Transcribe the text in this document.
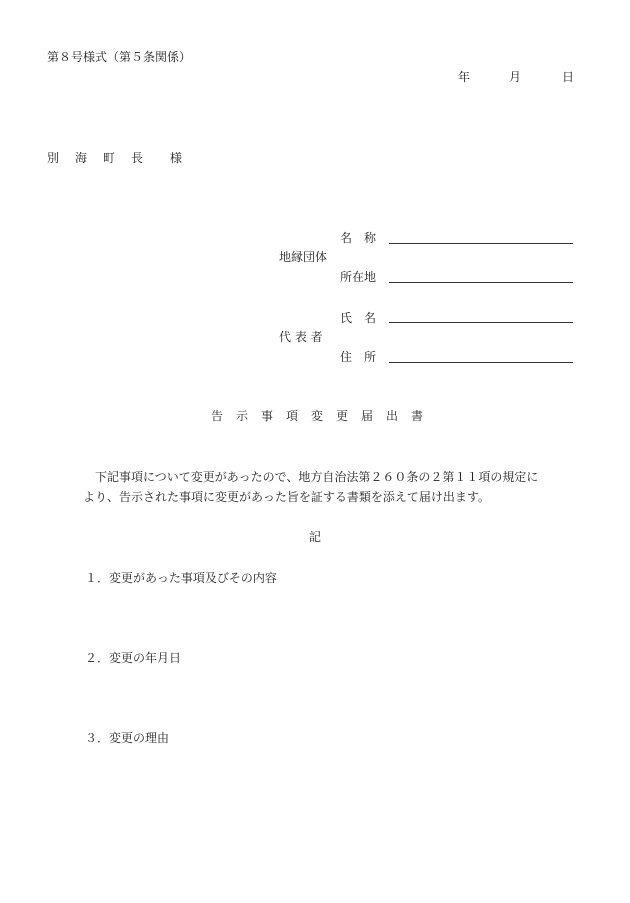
第８号様式（第５条関係）
年	月	日
別　海　町　長 様
地縁団体
名　称
所在地
代 表 者
氏　名
住　所
告示事項変更届出書
下記事項について変更があったので、地方自治法第２６０条の２第１１項の規定に
より、告示された事項に変更があった旨を証する書類を添えて届け出ます。
記
１．変更があった事項及びその内容
２．変更の年月日
３．変更の理由
